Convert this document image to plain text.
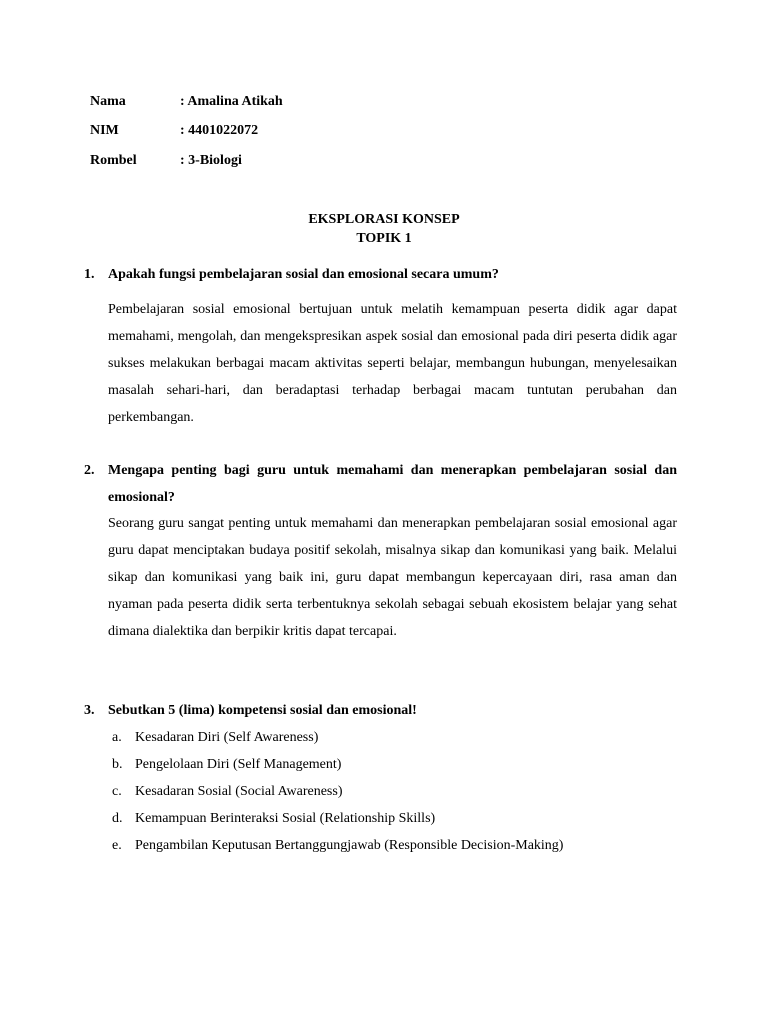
Nama	: Amalina Atikah
NIM	: 4401022072
Rombel	: 3-Biologi
EKSPLORASI KONSEP
TOPIK 1
1. Apakah fungsi pembelajaran sosial dan emosional secara umum?
Pembelajaran sosial emosional bertujuan untuk melatih kemampuan peserta didik agar dapat memahami, mengolah, dan mengekspresikan aspek sosial dan emosional pada diri peserta didik agar sukses melakukan berbagai macam aktivitas seperti belajar, membangun hubungan, menyelesaikan masalah sehari-hari, dan beradaptasi terhadap berbagai macam tuntutan perubahan dan perkembangan.
2. Mengapa penting bagi guru untuk memahami dan menerapkan pembelajaran sosial dan emosional?
Seorang guru sangat penting untuk memahami dan menerapkan pembelajaran sosial emosional agar guru dapat menciptakan budaya positif sekolah, misalnya sikap dan komunikasi yang baik. Melalui sikap dan komunikasi yang baik ini, guru dapat membangun kepercayaan diri, rasa aman dan nyaman pada peserta didik serta terbentuknya sekolah sebagai sebuah ekosistem belajar yang sehat dimana dialektika dan berpikir kritis dapat tercapai.
3. Sebutkan 5 (lima) kompetensi sosial dan emosional!
a. Kesadaran Diri (Self Awareness)
b. Pengelolaan Diri (Self Management)
c. Kesadaran Sosial (Social Awareness)
d. Kemampuan Berinteraksi Sosial (Relationship Skills)
e. Pengambilan Keputusan Bertanggungjawab (Responsible Decision-Making)
